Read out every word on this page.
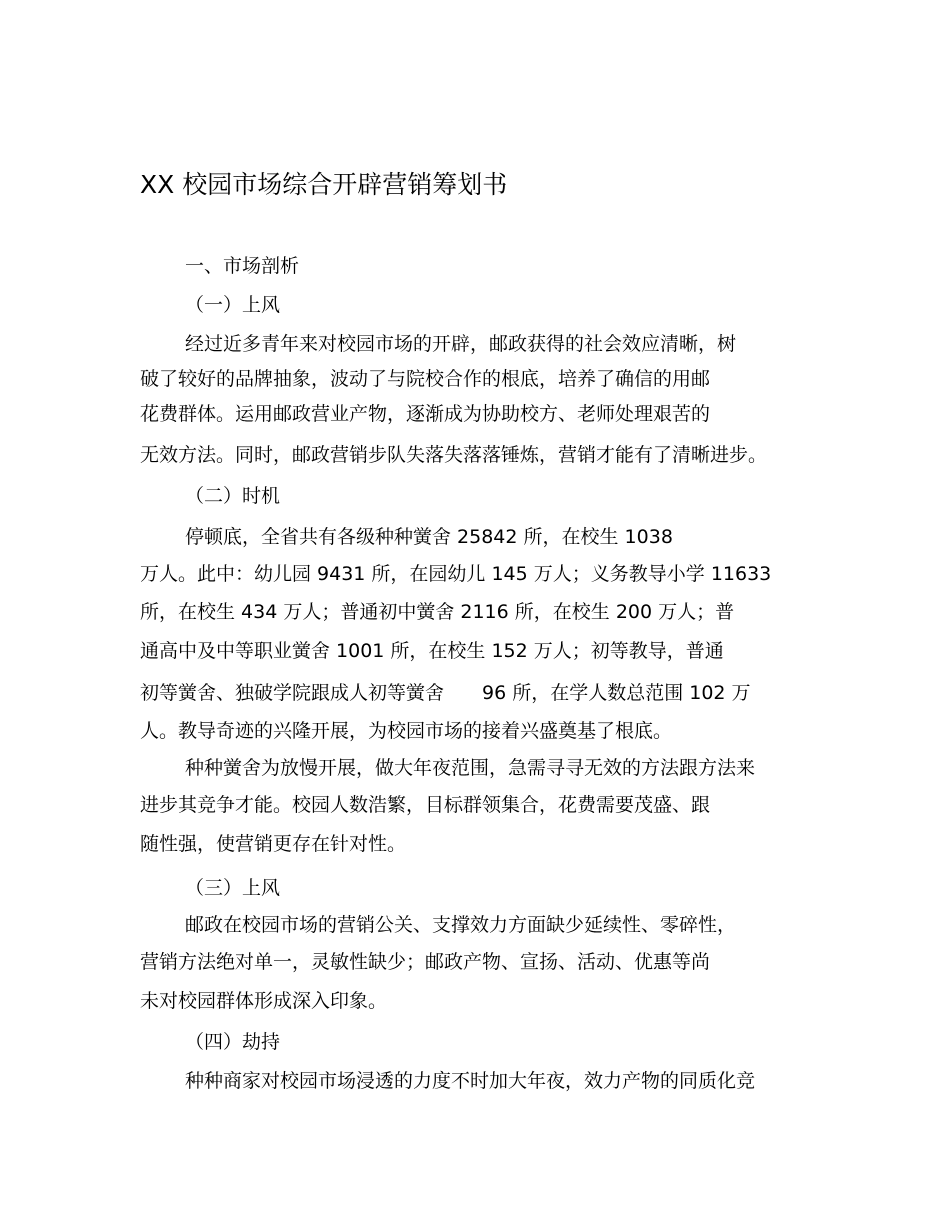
XX 校园市场综合开辟营销筹划书
一、市场剖析
（一）上风
经过近多青年来对校园市场的开辟，邮政获得的社会效应清晰，树
破了较好的品牌抽象，波动了与院校合作的根底，培养了确信的用邮
花费群体。运用邮政营业产物，逐渐成为协助校方、老师处理艰苦的
无效方法。同时，邮政营销步队失落失落落锤炼，营销才能有了清晰进步。
（二）时机
停顿底，全省共有各级种种黉舍 25842 所，在校生 1038
万人。此中：幼儿园 9431 所，在园幼儿 145 万人；义务教导小学 11633
所，在校生 434 万人；普通初中黉舍 2116 所，在校生 200 万人；普
通高中及中等职业黉舍 1001 所，在校生 152 万人；初等教导，普通
初等黉舍、独破学院跟成人初等黉舍　　96 所，在学人数总范围 102 万
人。教导奇迹的兴隆开展，为校园市场的接着兴盛奠基了根底。
种种黉舍为放慢开展，做大年夜范围，急需寻寻无效的方法跟方法来
进步其竞争才能。校园人数浩繁，目标群领集合，花费需要茂盛、跟
随性强，使营销更存在针对性。
（三）上风
邮政在校园市场的营销公关、支撑效力方面缺少延续性、零碎性，
营销方法绝对单一，灵敏性缺少；邮政产物、宣扬、活动、优惠等尚
未对校园群体形成深入印象。
（四）劫持
种种商家对校园市场浸透的力度不时加大年夜，效力产物的同质化竞
